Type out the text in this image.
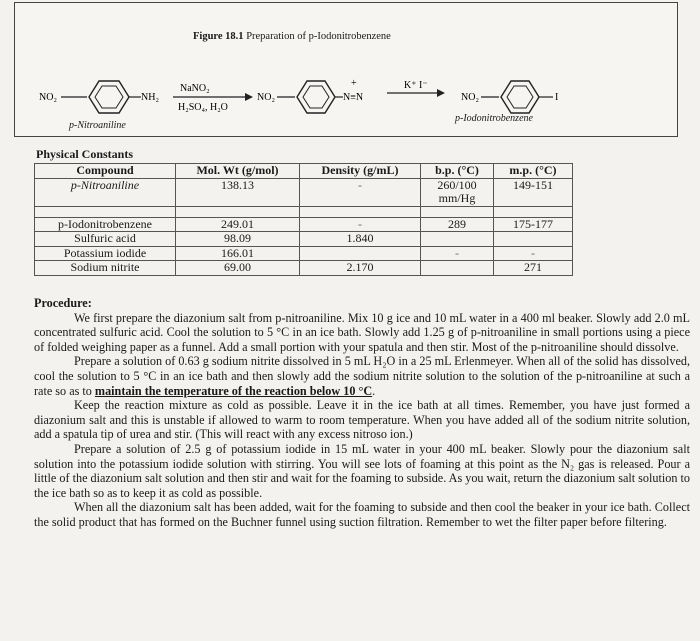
Figure 18.1 Preparation of p-Iodonitrobenzene
NO₂	NH₂
NaNO₂
H₂SO₄, H₂O
NO₂
+
N≡N
K⁺ I⁻
NO₂	I
p-Nitroaniline
p-Iodonitrobenzene
Physical Constants
Compound	Mol. Wt (g/mol)	Density (g/mL)	b.p. (°C)	m.p. (°C)
p-Nitroaniline	138.13	-	260/100 mm/Hg	149-151

p-Iodonitrobenzene	249.01	-	289	175-177
Sulfuric acid	98.09	1.840		
Potassium iodide	166.01		-	-
Sodium nitrite	69.00	2.170		271

Procedure:

We first prepare the diazonium salt from p-nitroaniline. Mix 10 g ice and 10 mL water in a 400 ml beaker. Slowly add 2.0 mL concentrated sulfuric acid. Cool the solution to 5 °C in an ice bath. Slowly add 1.25 g of p-nitroaniline in small portions using a piece of folded weighing paper as a funnel. Add a small portion with your spatula and then stir. Most of the p-nitroaniline should dissolve.

Prepare a solution of 0.63 g sodium nitrite dissolved in 5 mL H₂O in a 25 mL Erlenmeyer. When all of the solid has dissolved, cool the solution to 5 °C in an ice bath and then slowly add the sodium nitrite solution to the solution of the p-nitroaniline at such a rate so as to maintain the temperature of the reaction below 10 °C.

Keep the reaction mixture as cold as possible. Leave it in the ice bath at all times. Remember, you have just formed a diazonium salt and this is unstable if allowed to warm to room temperature. When you have added all of the sodium nitrite solution, add a spatula tip of urea and stir. (This will react with any excess nitroso ion.)

Prepare a solution of 2.5 g of potassium iodide in 15 mL water in your 400 mL beaker. Slowly pour the diazonium salt solution into the potassium iodide solution with stirring. You will see lots of foaming at this point as the N₂ gas is released. Pour a little of the diazonium salt solution and then stir and wait for the foaming to subside. As you wait, return the diazonium salt solution to the ice bath so as to keep it as cold as possible.

When all the diazonium salt has been added, wait for the foaming to subside and then cool the beaker in your ice bath. Collect the solid product that has formed on the Buchner funnel using suction filtration. Remember to wet the filter paper before filtering.
